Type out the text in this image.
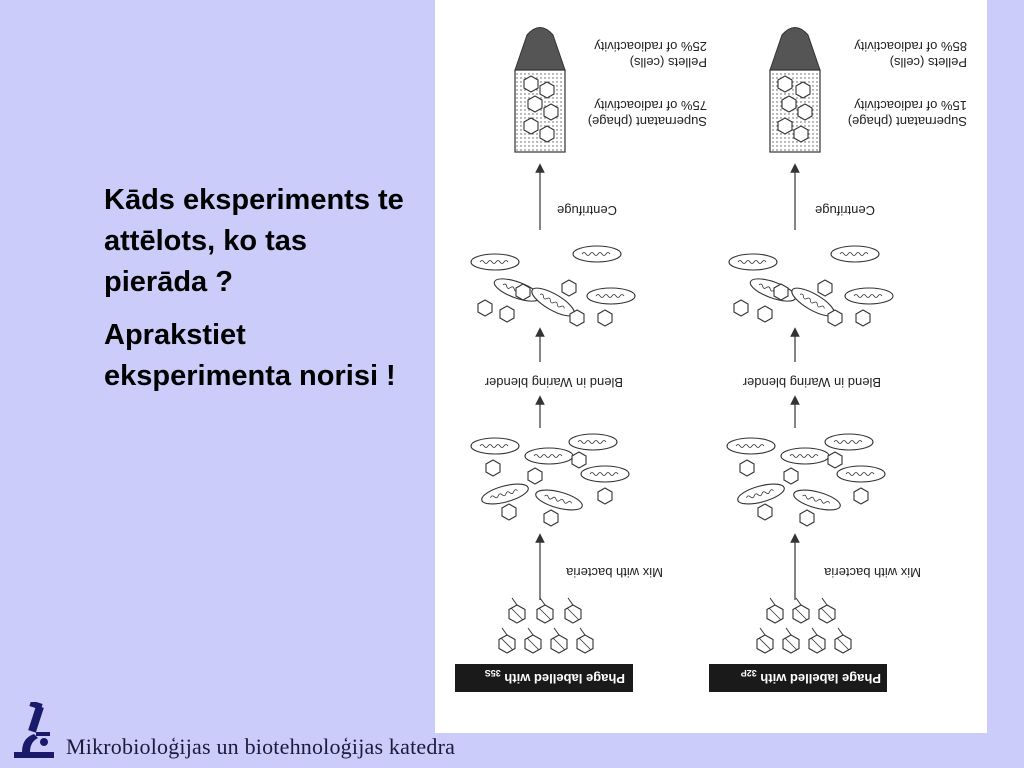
Kāds eksperiments te attēlots, ko tas pierāda ?

Aprakstiet eksperimenta norisi !

Supernatant (phage)
75% of radioactivity
Pellets (cells)
25% of radioactivity
Centrifuge
Blend in Waring blender
Mix with bacteria
Phage labelled with $_{35S}$
Supernatant (phage)
15% of radioactivity
Pellets (cells)
85% of radioactivity
Centrifuge
Blend in Waring blender
Mix with bacteria
Phage labelled with $_{32P}$
Mikrobioloģijas un biotehnoloģijas katedra
